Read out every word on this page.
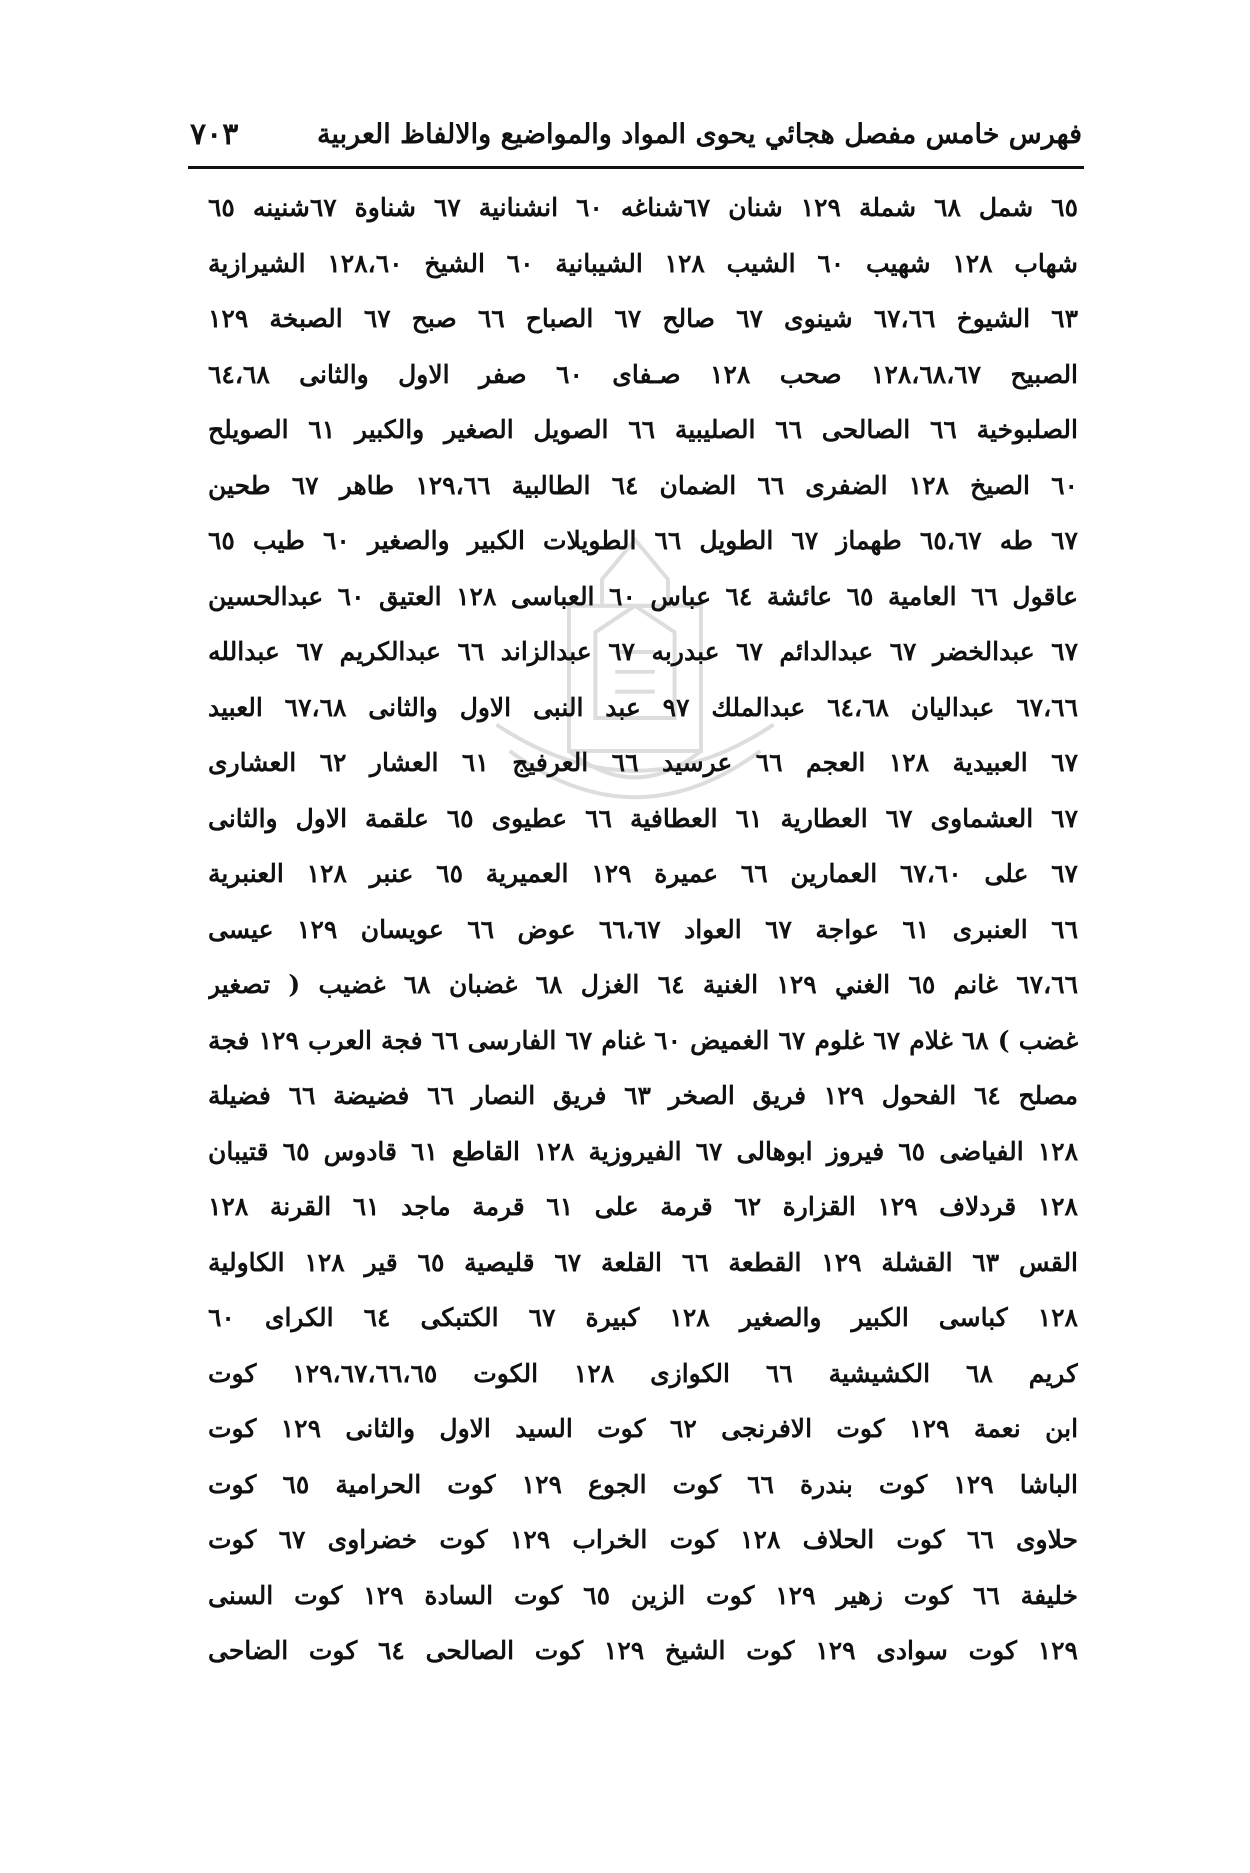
فهرس خامس مفصل هجائي يحوى المواد والمواضيع والالفاظ العربية
٧٠٣
٦٥ شمل ٦٨ شملة ١٢٩ شنان ٦٧شناغه ٦٠ انشنانية ٦٧ شناوة ٦٧شنينه ٦٥
شهاب ١٢٨ شهيب ٦٠ الشيب ١٢٨ الشيبانية ٦٠ الشيخ ١٢٨،٦٠ الشيرازية
٦٣ الشيوخ ٦٧،٦٦ شينوى ٦٧ صالح ٦٧ الصباح ٦٦ صبح ٦٧ الصبخة ١٢٩
الصبيح ١٢٨،٦٨،٦٧ صحب ١٢٨ صـفاى ٦٠ صفر الاول والثانى ٦٤،٦٨
الصلبوخية ٦٦ الصالحى ٦٦ الصليبية ٦٦ الصويل الصغير والكبير ٦١ الصويلح
٦٠ الصيخ ١٢٨ الضفرى ٦٦ الضمان ٦٤ الطالبية ١٢٩،٦٦ طاهر ٦٧ طحين
٦٧ طه ٦٥،٦٧ طهماز ٦٧ الطويل ٦٦ الطويلات الكبير والصغير ٦٠ طيب ٦٥
عاقول ٦٦ العامية ٦٥ عائشة ٦٤ عباس ٦٠ العباسى ١٢٨ العتيق ٦٠ عبدالحسين
٦٧ عبدالخضر ٦٧ عبدالدائم ٦٧ عبدربه ٦٧ عبدالزاند ٦٦ عبدالكريم ٦٧ عبدالله
٦٧،٦٦ عبداليان ٦٤،٦٨ عبدالملك ٩٧ عبد النبى الاول والثانى ٦٧،٦٨ العبيد
٦٧ العبيدية ١٢٨ العجم ٦٦ عرسيد ٦٦ العرفيج ٦١ العشار ٦٢ العشارى
٦٧ العشماوى ٦٧ العطارية ٦١ العطافية ٦٦ عطيوى ٦٥ علقمة الاول والثانى
٦٧ على ٦٧،٦٠ العمارين ٦٦ عميرة ١٢٩ العميرية ٦٥ عنبر ١٢٨ العنبرية
٦٦ العنبرى ٦١ عواجة ٦٧ العواد ٦٦،٦٧ عوض ٦٦ عويسان ١٢٩ عيسى
٦٧،٦٦ غانم ٦٥ الغني ١٢٩ الغنية ٦٤ الغزل ٦٨ غضبان ٦٨ غضيب ( تصغير
غضب ) ٦٨ غلام ٦٧ غلوم ٦٧ الغميض ٦٠ غنام ٦٧ الفارسى ٦٦ فجة العرب ١٢٩ فجة
مصلح ٦٤ الفحول ١٢٩ فريق الصخر ٦٣ فريق النصار ٦٦ فضيضة ٦٦ فضيلة
١٢٨ الفياضى ٦٥ فيروز ابوهالى ٦٧ الفيروزية ١٢٨ القاطع ٦١ قادوس ٦٥ قتيبان
١٢٨ قردلاف ١٢٩ القزارة ٦٢ قرمة على ٦١ قرمة ماجد ٦١ القرنة ١٢٨
القس ٦٣ القشلة ١٢٩ القطعة ٦٦ القلعة ٦٧ قليصية ٦٥ قير ١٢٨ الكاولية
١٢٨ كباسى الكبير والصغير ١٢٨ كبيرة ٦٧ الكتبكى ٦٤ الكراى ٦٠
كريم ٦٨ الكشيشية ٦٦ الكوازى ١٢٨ الكوت ١٢٩،٦٧،٦٦،٦٥ كوت
ابن نعمة ١٢٩ كوت الافرنجى ٦٢ كوت السيد الاول والثانى ١٢٩ كوت
الباشا ١٢٩ كوت بندرة ٦٦ كوت الجوع ١٢٩ كوت الحرامية ٦٥ كوت
حلاوى ٦٦ كوت الحلاف ١٢٨ كوت الخراب ١٢٩ كوت خضراوى ٦٧ كوت
خليفة ٦٦ كوت زهير ١٢٩ كوت الزين ٦٥ كوت السادة ١٢٩ كوت السنى
١٢٩ كوت سوادى ١٢٩ كوت الشيخ ١٢٩ كوت الصالحى ٦٤ كوت الضاحى
